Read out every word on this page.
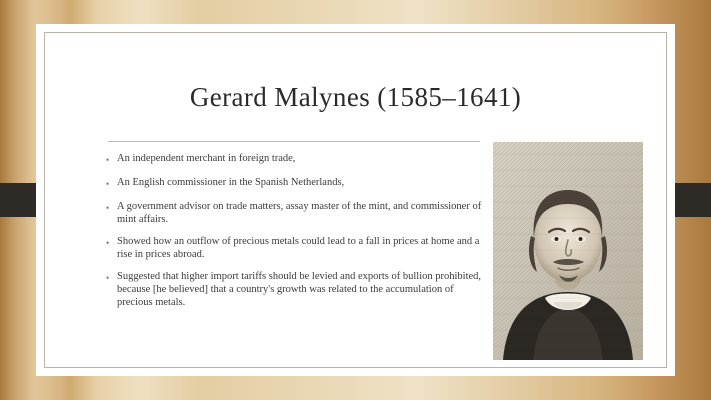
Gerard Malynes (1585–1641)
• An independent merchant in foreign trade,
• An English commissioner in the Spanish Netherlands,
• A government advisor on trade matters, assay master of the mint, and commissioner of mint affairs.
• Showed how an outflow of precious metals could lead to a fall in prices at home and a rise in prices abroad.
• Suggested that higher import tariffs should be levied and exports of bullion prohibited, because [he believed] that a country's growth was related to the accumulation of precious metals.
